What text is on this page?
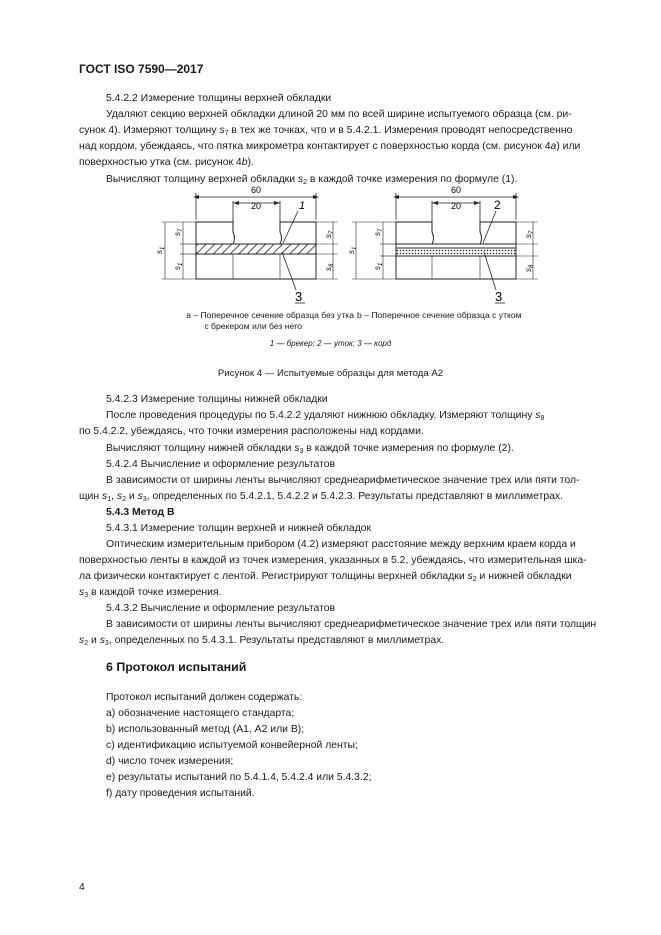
ГОСТ ISO 7590—2017
5.4.2.2 Измерение толщины верхней обкладки
Удаляют секцию верхней обкладки длиной 20 мм по всей ширине испытуемого образца (см. ри-
сунок 4). Измеряют толщину $s_7$ в тех же точках, что и в 5.4.2.1. Измерения проводят непосредственно
над кордом, убеждаясь, что пятка микрометра контактирует с поверхностью корда (см. рисунок 4a) или
поверхностью утка (см. рисунок 4b).
Вычисляют толщину верхней обкладки $s_2$ в каждой точке измерения по формуле (1).
60
20	1
$s_1$
$s_7$
$s_1$
$s_7$
$s_8$
3
60
20	2
$s_1$
$s_7$
$s_1$
$s_7$
$s_8$
3
a – Поперечное сечение образца без утка
с брекером или без него
b – Поперечное сечение образца с утком
1 — брекер; 2 — уток; 3 — корд
Рисунок 4 — Испытуемые образцы для метода А2
5.4.2.3 Измерение толщины нижней обкладки
После проведения процедуры по 5.4.2.2 удаляют нижнюю обкладку. Измеряют толщину $s_8$
по 5.4.2.2, убеждаясь, что точки измерения расположены над кордами.
Вычисляют толщину нижней обкладки $s_3$ в каждой точке измерения по формуле (2).
5.4.2.4 Вычисление и оформление результатов
В зависимости от ширины ленты вычисляют среднеарифметическое значение трех или пяти тол-
щин $s_1$, $s_2$ и $s_3$, определенных по 5.4.2.1, 5.4.2.2 и 5.4.2.3. Результаты представляют в миллиметрах.
5.4.3 Метод В
5.4.3.1 Измерение толщин верхней и нижней обкладок
Оптическим измерительным прибором (4.2) измеряют расстояние между верхним краем корда и
поверхностью ленты в каждой из точек измерения, указанных в 5.2, убеждаясь, что измерительная шка-
ла физически контактирует с лентой. Регистрируют толщины верхней обкладки $s_2$ и нижней обкладки
$s_3$ в каждой точке измерения.
5.4.3.2 Вычисление и оформление результатов
В зависимости от ширины ленты вычисляют среднеарифметическое значение трех или пяти толщин
$s_2$ и $s_3$, определенных по 5.4.3.1. Результаты представляют в миллиметрах.
6 Протокол испытаний
Протокол испытаний должен содержать:
а) обозначение настоящего стандарта;
b) использованный метод (А1, А2 или В);
c) идентификацию испытуемой конвейерной ленты;
d) число точек измерения;
e) результаты испытаний по 5.4.1.4, 5.4.2.4 или 5.4.3.2;
f) дату проведения испытаний.
4
